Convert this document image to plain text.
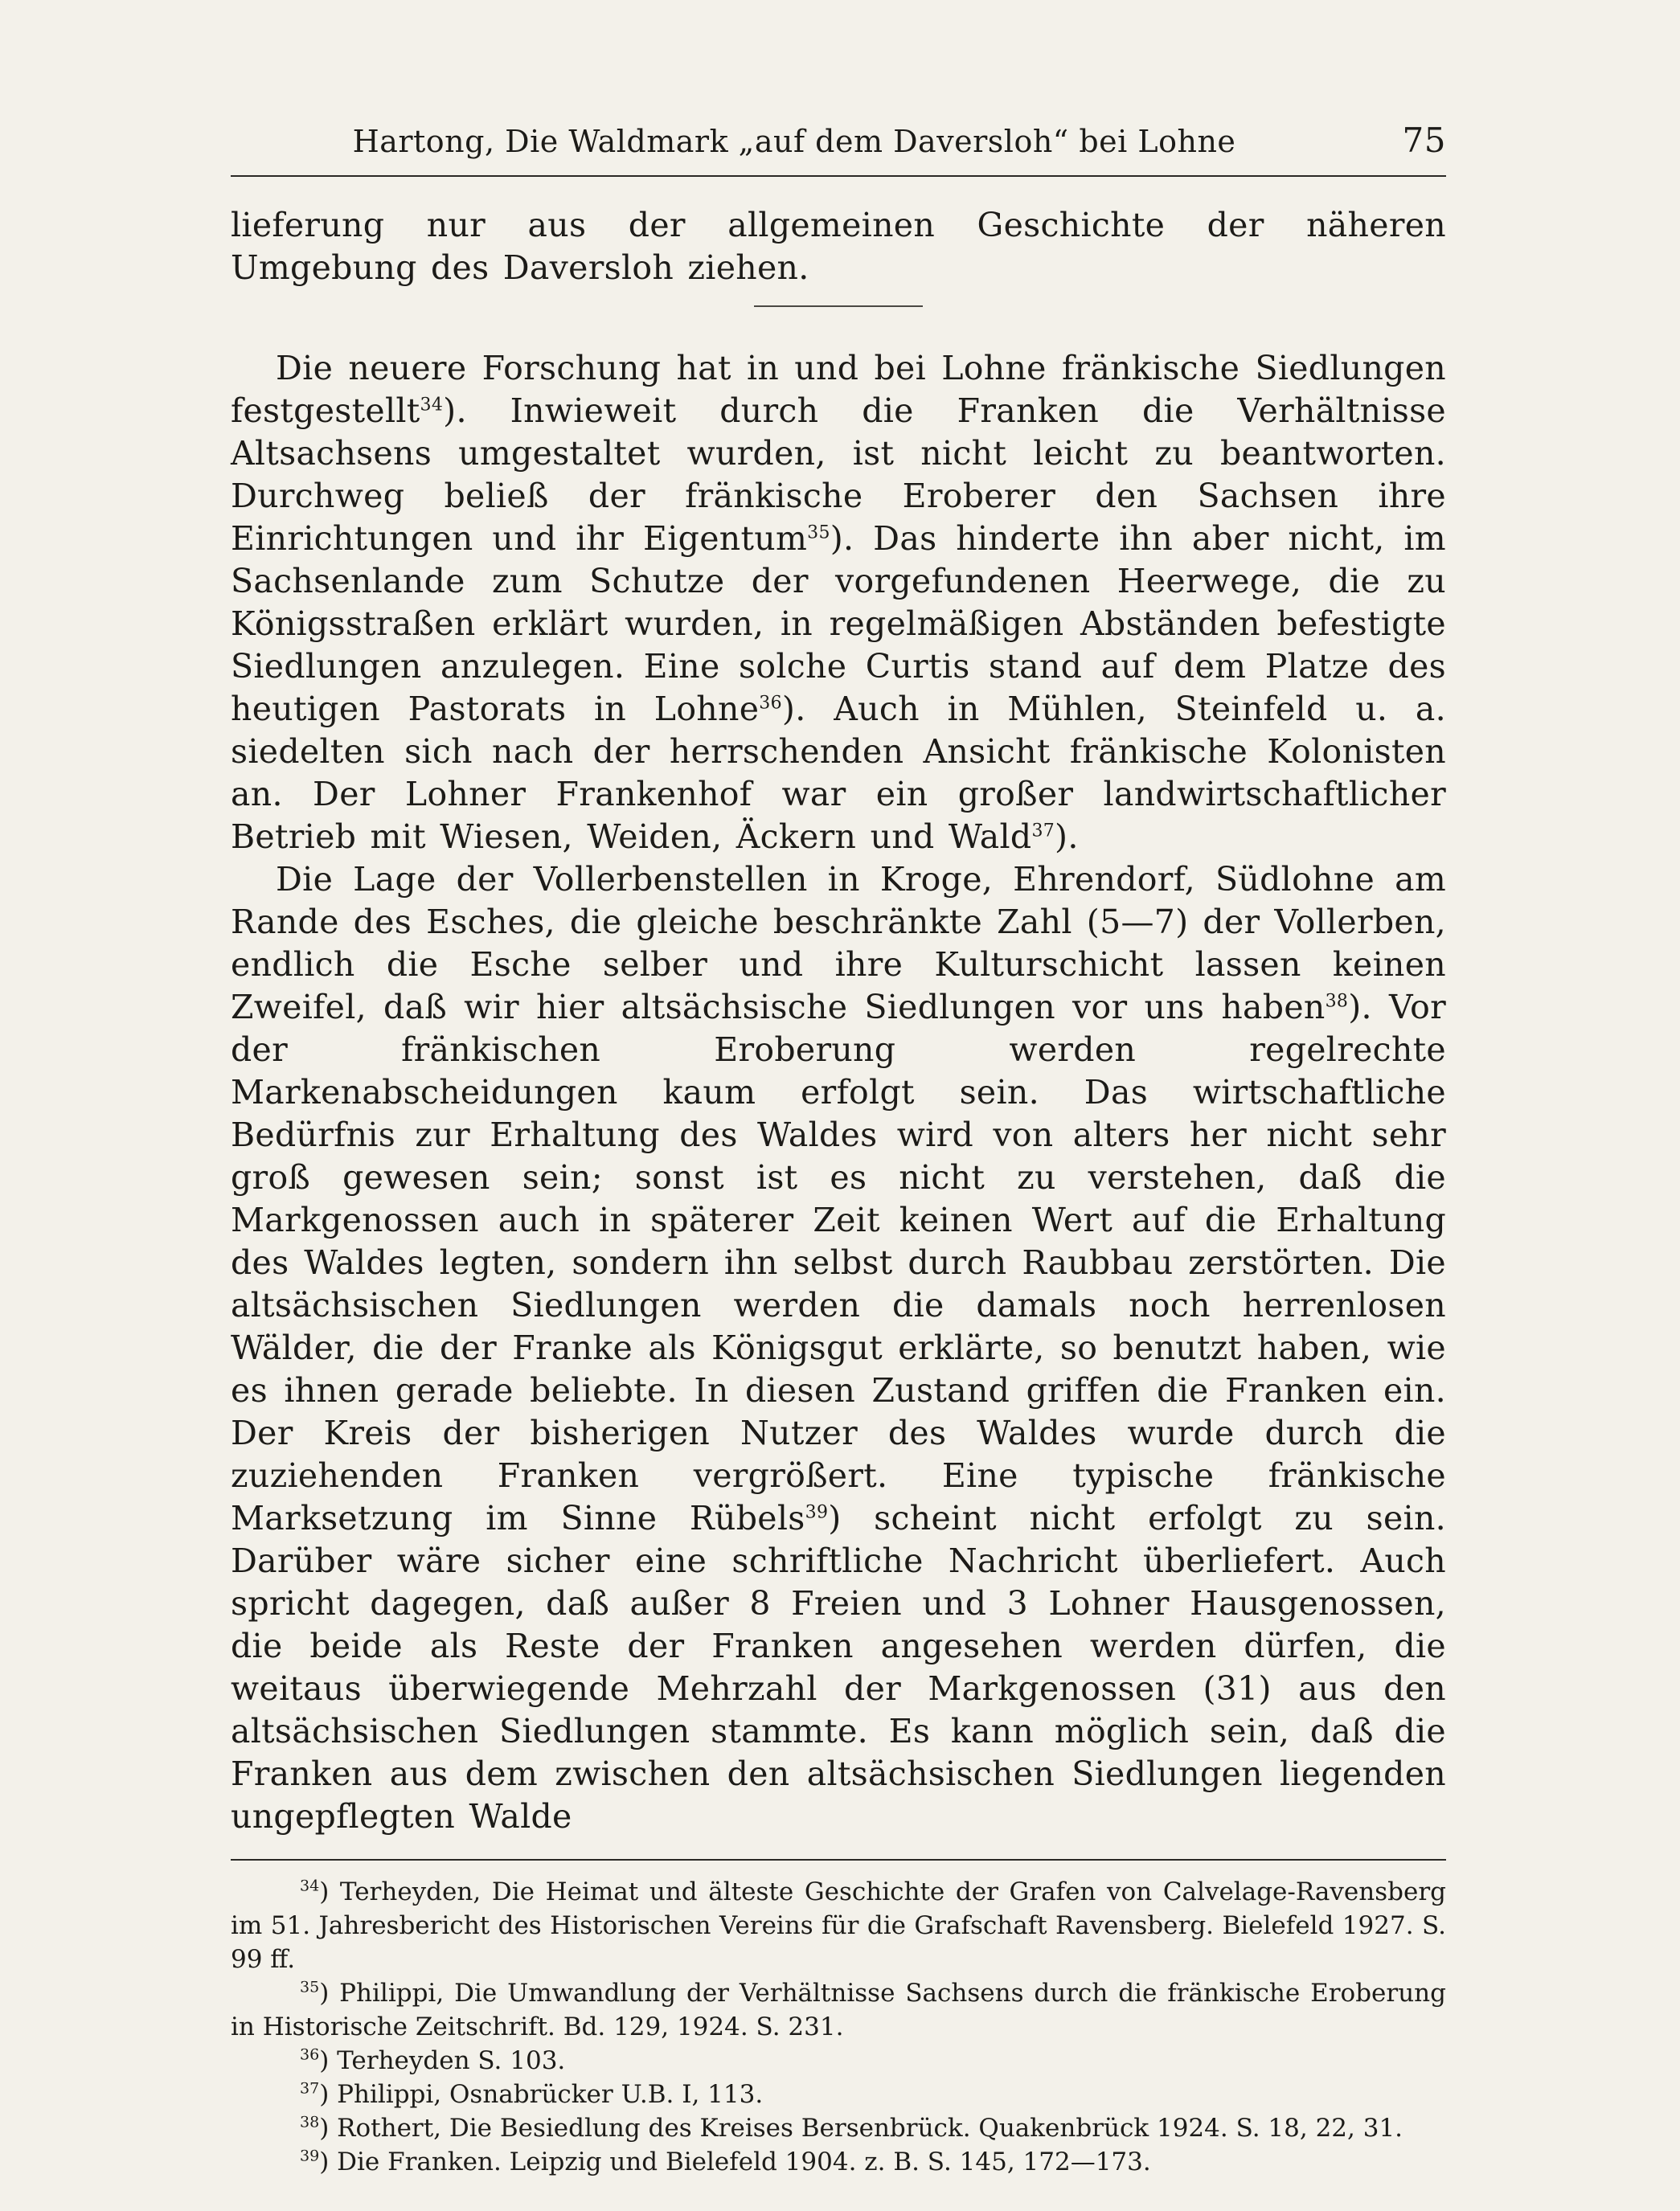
Hartong, Die Waldmark „auf dem Daversloh“ bei Lohne	75

lieferung nur aus der allgemeinen Geschichte der näheren Umgebung des Daversloh ziehen.

Die neuere Forschung hat in und bei Lohne fränkische Siedlungen festgestellt$^{34}$). Inwieweit durch die Franken die Verhältnisse Altsachsens umgestaltet wurden, ist nicht leicht zu beantworten. Durchweg beließ der fränkische Eroberer den Sachsen ihre Einrichtungen und ihr Eigentum$^{35}$). Das hinderte ihn aber nicht, im Sachsenlande zum Schutze der vorgefundenen Heerwege, die zu Königsstraßen erklärt wurden, in regelmäßigen Abständen befestigte Siedlungen anzulegen. Eine solche Curtis stand auf dem Platze des heutigen Pastorats in Lohne$^{36}$). Auch in Mühlen, Steinfeld u. a. siedelten sich nach der herrschenden Ansicht fränkische Kolonisten an. Der Lohner Frankenhof war ein großer landwirtschaftlicher Betrieb mit Wiesen, Weiden, Äckern und Wald$^{37}$).

Die Lage der Vollerbenstellen in Kroge, Ehrendorf, Südlohne am Rande des Esches, die gleiche beschränkte Zahl (5—7) der Vollerben, endlich die Esche selber und ihre Kulturschicht lassen keinen Zweifel, daß wir hier altsächsische Siedlungen vor uns haben$^{38}$). Vor der fränkischen Eroberung werden regelrechte Markenabscheidungen kaum erfolgt sein. Das wirtschaftliche Bedürfnis zur Erhaltung des Waldes wird von alters her nicht sehr groß gewesen sein; sonst ist es nicht zu verstehen, daß die Markgenossen auch in späterer Zeit keinen Wert auf die Erhaltung des Waldes legten, sondern ihn selbst durch Raubbau zerstörten. Die altsächsischen Siedlungen werden die damals noch herrenlosen Wälder, die der Franke als Königsgut erklärte, so benutzt haben, wie es ihnen gerade beliebte. In diesen Zustand griffen die Franken ein. Der Kreis der bisherigen Nutzer des Waldes wurde durch die zuziehenden Franken vergrößert. Eine typische fränkische Marksetzung im Sinne Rübels$^{39}$) scheint nicht erfolgt zu sein. Darüber wäre sicher eine schriftliche Nachricht überliefert. Auch spricht dagegen, daß außer 8 Freien und 3 Lohner Hausgenossen, die beide als Reste der Franken angesehen werden dürfen, die weitaus überwiegende Mehrzahl der Markgenossen (31) aus den altsächsischen Siedlungen stammte. Es kann möglich sein, daß die Franken aus dem zwischen den altsächsischen Siedlungen liegenden ungepflegten Walde

$^{34}$) Terheyden, Die Heimat und älteste Geschichte der Grafen von Calvelage-Ravensberg im 51. Jahresbericht des Historischen Vereins für die Grafschaft Ravensberg. Bielefeld 1927. S. 99 ff.

$^{35}$) Philippi, Die Umwandlung der Verhältnisse Sachsens durch die fränkische Eroberung in Historische Zeitschrift. Bd. 129, 1924. S. 231.

$^{36}$) Terheyden S. 103.

$^{37}$) Philippi, Osnabrücker U.B. I, 113.

$^{38}$) Rothert, Die Besiedlung des Kreises Bersenbrück. Quakenbrück 1924. S. 18, 22, 31.

$^{39}$) Die Franken. Leipzig und Bielefeld 1904. z. B. S. 145, 172—173.
